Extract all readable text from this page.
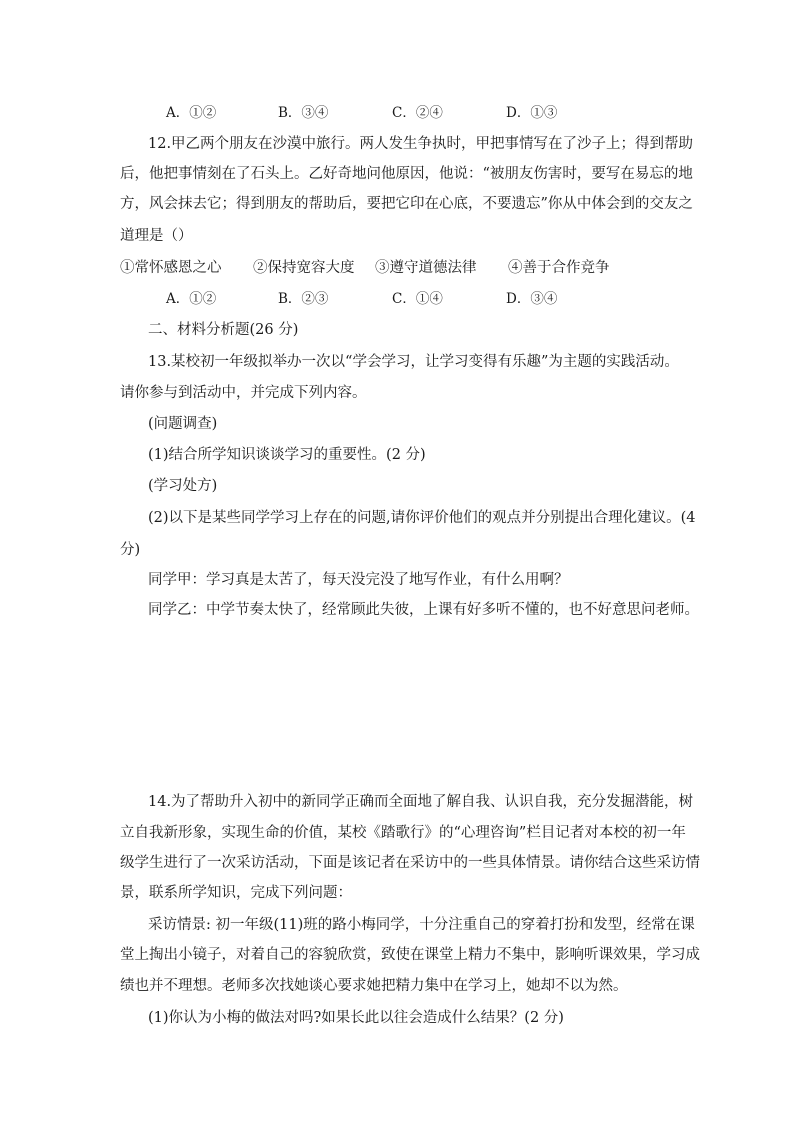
A．①②	B．③④	C．②④	D．①③
12.甲乙两个朋友在沙漠中旅行。两人发生争执时，甲把事情写在了沙子上；得到帮助
后，他把事情刻在了石头上。乙好奇地问他原因，他说：“被朋友伤害时，要写在易忘的地
方，风会抹去它；得到朋友的帮助后，要把它印在心底，不要遗忘”你从中体会到的交友之
道理是（）
①常怀感恩之心 ②保持宽容大度 ③遵守道德法律 ④善于合作竞争
A．①②	B．②③	C．①④	D．③④
二、材料分析题(26 分)
13.某校初一年级拟举办一次以“学会学习，让学习变得有乐趣”为主题的实践活动。
请你参与到活动中，并完成下列内容。
(问题调查)
(1)结合所学知识谈谈学习的重要性。(2 分)
(学习处方)
(2)以下是某些同学学习上存在的问题,请你评价他们的观点并分别提出合理化建议。(4
分)
同学甲：学习真是太苦了，每天没完没了地写作业，有什么用啊？
同学乙：中学节奏太快了，经常顾此失彼，上课有好多听不懂的，也不好意思问老师。
14.为了帮助升入初中的新同学正确而全面地了解自我、认识自我，充分发掘潜能，树
立自我新形象，实现生命的价值，某校《踏歌行》的“心理咨询”栏目记者对本校的初一年
级学生进行了一次采访活动，下面是该记者在采访中的一些具体情景。请你结合这些采访情
景，联系所学知识，完成下列问题：
采访情景: 初一年级(11)班的路小梅同学，十分注重自己的穿着打扮和发型，经常在课
堂上掏出小镜子，对着自己的容貌欣赏，致使在课堂上精力不集中，影响听课效果，学习成
绩也并不理想。老师多次找她谈心要求她把精力集中在学习上，她却不以为然。
(1)你认为小梅的做法对吗?如果长此以往会造成什么结果？(2 分)
